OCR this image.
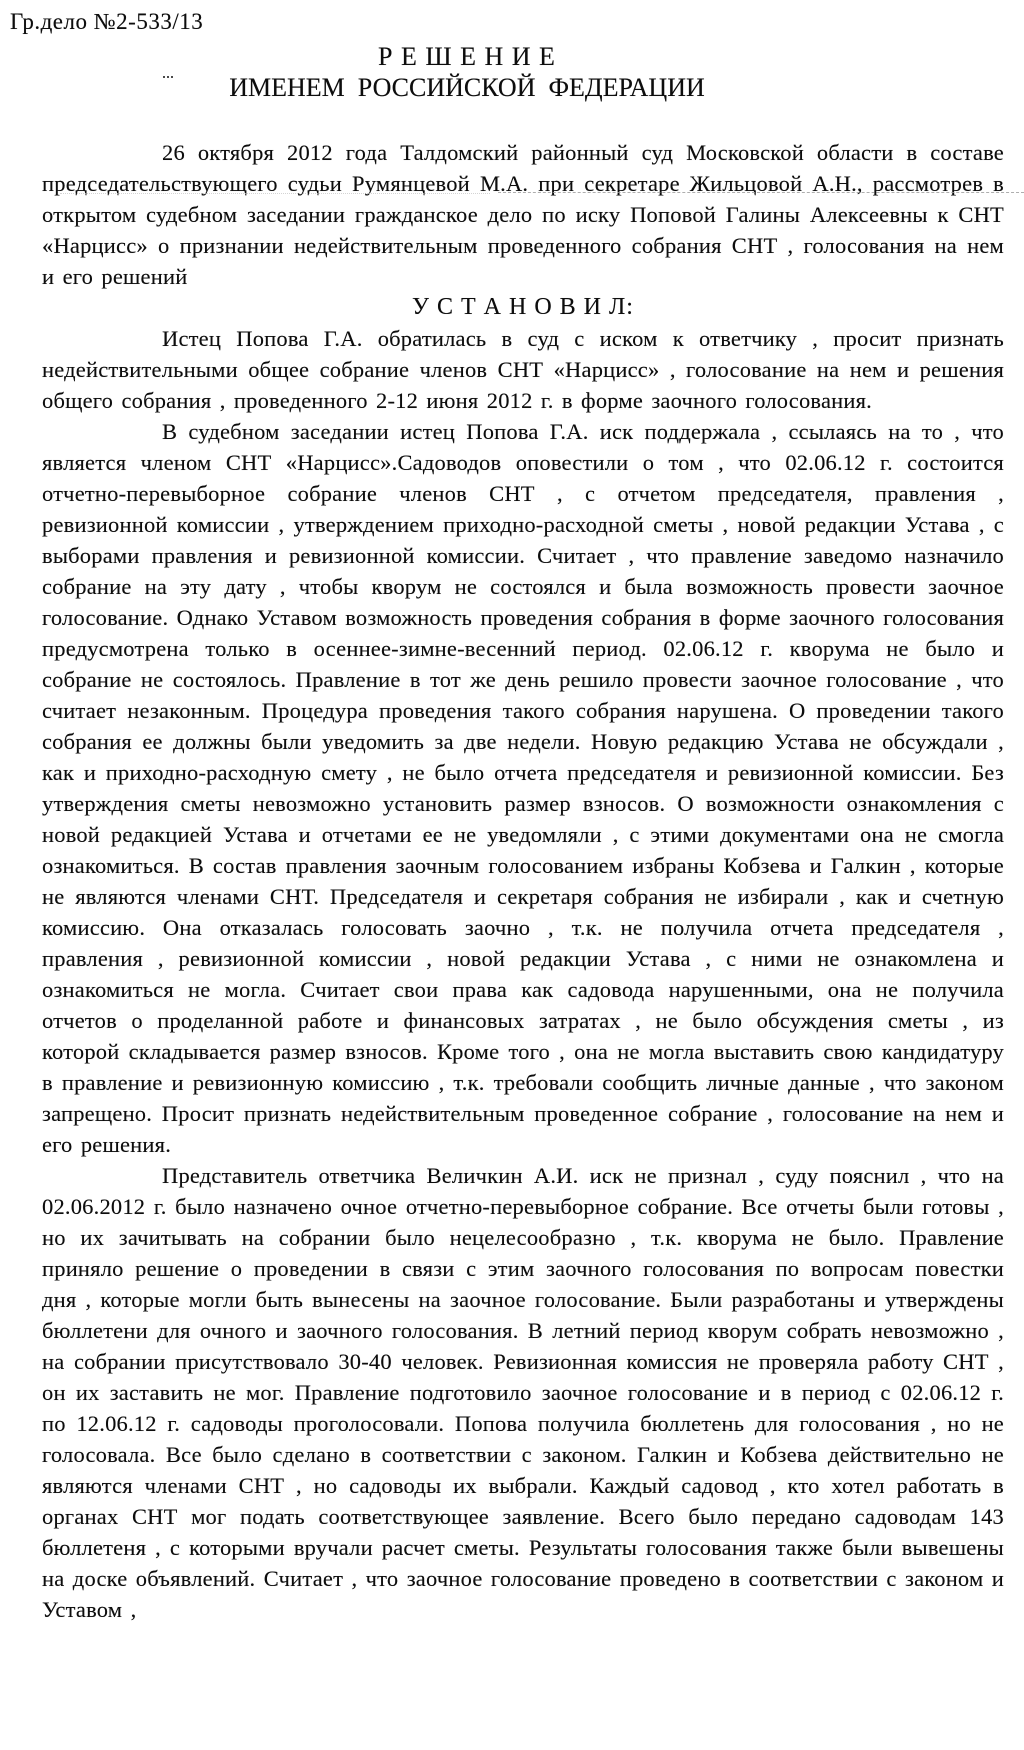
Гр.дело №2-533/13
Р Е Ш Е Н И Е
ИМЕНЕМ  РОССИЙСКОЙ  ФЕДЕРАЦИИ

26 октября 2012 года Талдомский районный суд Московской области в составе председательствующего судьи Румянцевой М.А. при секретаре Жильцовой А.Н., рассмотрев в открытом судебном заседании гражданское дело по иску Поповой Галины Алексеевны к СНТ «Нарцисс» о признании недействительным проведенного собрания СНТ , голосования на нем и его решений

У С Т А Н О В И Л:

Истец Попова Г.А. обратилась в суд с иском к ответчику , просит признать недействительными общее собрание членов СНТ «Нарцисс» , голосование на нем и решения общего собрания , проведенного 2-12 июня 2012 г. в форме заочного голосования.

В судебном заседании истец Попова Г.А. иск поддержала , ссылаясь на то , что является членом СНТ «Нарцисс».Садоводов оповестили о том , что 02.06.12 г. состоится отчетно-перевыборное собрание членов СНТ , с отчетом председателя, правления , ревизионной комиссии , утверждением приходно-расходной сметы , новой редакции Устава , с выборами правления и ревизионной комиссии. Считает , что правление заведомо назначило собрание на эту дату , чтобы кворум не состоялся и была возможность провести заочное голосование. Однако Уставом возможность проведения собрания в форме заочного голосования предусмотрена только в осеннее-зимне-весенний период. 02.06.12 г. кворума не было и собрание не состоялось. Правление в тот же день решило провести заочное голосование , что считает незаконным. Процедура проведения такого собрания нарушена. О проведении такого собрания ее должны были уведомить за две недели. Новую редакцию Устава не обсуждали , как и приходно-расходную смету , не было отчета председателя и ревизионной комиссии. Без утверждения сметы невозможно установить размер взносов. О возможности ознакомления с новой редакцией Устава и отчетами ее не уведомляли , с этими документами она не смогла ознакомиться. В состав правления заочным голосованием избраны Кобзева и Галкин , которые не являются членами СНТ. Председателя и секретаря собрания не избирали , как и счетную комиссию. Она отказалась голосовать заочно , т.к. не получила отчета председателя , правления , ревизионной комиссии , новой редакции Устава , с ними не ознакомлена и ознакомиться не могла. Считает свои права как садовода нарушенными, она не получила отчетов о проделанной работе и финансовых затратах , не было обсуждения сметы , из которой складывается размер взносов. Кроме того , она не могла выставить свою кандидатуру в правление и ревизионную комиссию , т.к. требовали сообщить личные данные , что законом запрещено. Просит признать недействительным проведенное собрание , голосование на нем и его решения.

Представитель ответчика Величкин А.И. иск не признал , суду пояснил , что на 02.06.2012 г. было назначено очное отчетно-перевыборное собрание. Все отчеты были готовы , но их зачитывать на собрании было нецелесообразно , т.к. кворума не было. Правление приняло решение о проведении в связи с этим заочного голосования по вопросам повестки дня , которые могли быть вынесены на заочное голосование. Были разработаны и утверждены бюллетени для очного и заочного голосования. В летний период кворум собрать невозможно , на собрании присутствовало 30-40 человек. Ревизионная комиссия не проверяла работу СНТ , он их заставить не мог. Правление подготовило заочное голосование и в период с 02.06.12 г. по 12.06.12 г. садоводы проголосовали. Попова получила бюллетень для голосования , но не голосовала. Все было сделано в соответствии с законом. Галкин и Кобзева действительно не являются членами СНТ , но садоводы их выбрали. Каждый садовод , кто хотел работать в органах СНТ мог подать соответствующее заявление. Всего было передано садоводам 143 бюллетеня , с которыми вручали расчет сметы. Результаты голосования также были вывешены на доске объявлений. Считает , что заочное голосование проведено в соответствии с законом и Уставом ,
